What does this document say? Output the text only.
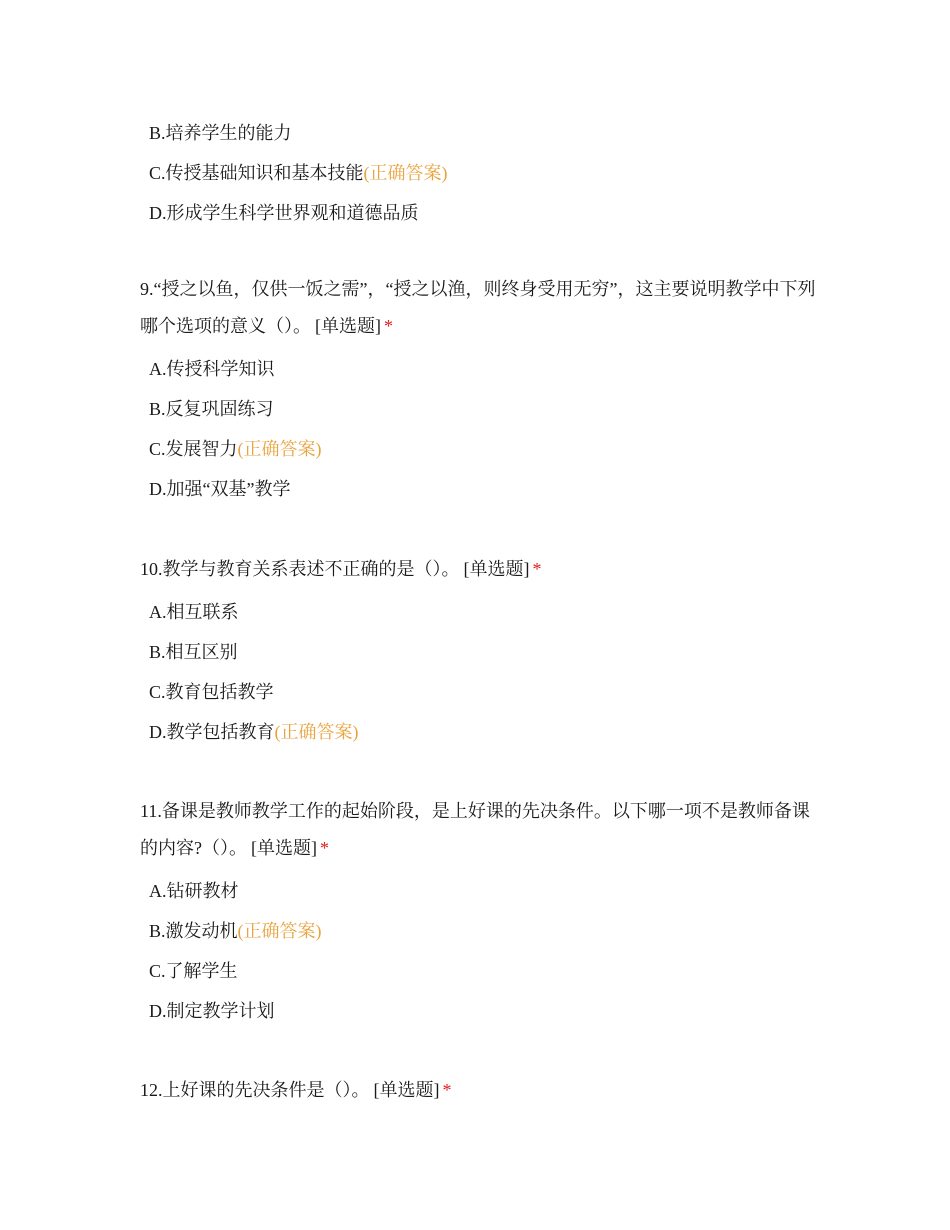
B.培养学生的能力
C.传授基础知识和基本技能(正确答案)
D.形成学生科学世界观和道德品质

9.“授之以鱼，仅供一饭之需”，“授之以渔，则终身受用无穷”，这主要说明教学中下列哪个选项的意义（）。 [单选题] *

A.传授科学知识
B.反复巩固练习
C.发展智力(正确答案)
D.加强“双基”教学

10.教学与教育关系表述不正确的是（）。 [单选题] *

A.相互联系
B.相互区别
C.教育包括教学
D.教学包括教育(正确答案)

11.备课是教师教学工作的起始阶段，是上好课的先决条件。以下哪一项不是教师备课的内容?（）。 [单选题] *

A.钻研教材
B.激发动机(正确答案)
C.了解学生
D.制定教学计划

12.上好课的先决条件是（）。 [单选题] *
